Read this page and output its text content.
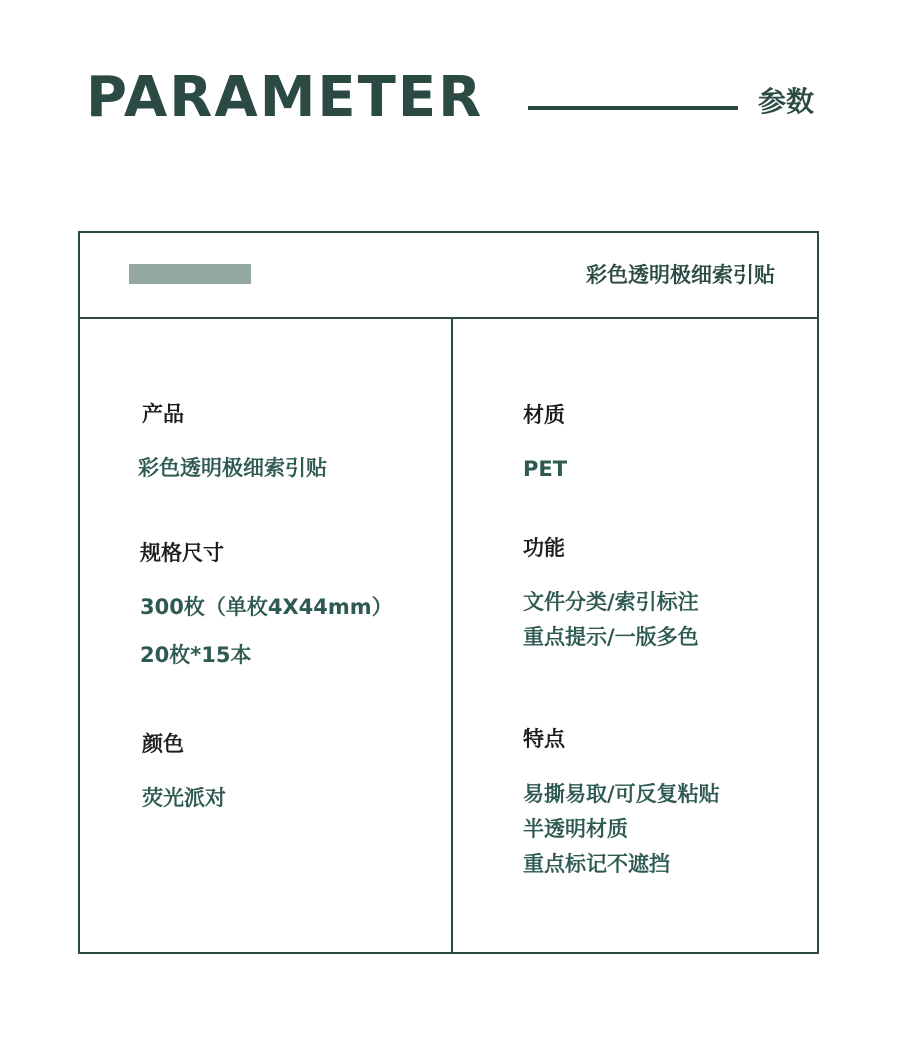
PARAMETER	参数
彩色透明极细索引贴
产品
彩色透明极细索引贴
规格尺寸
300枚（单枚4X44mm）
20枚*15本
颜色
荧光派对
材质
PET
功能
文件分类/索引标注
重点提示/一版多色
特点
易撕易取/可反复粘贴
半透明材质
重点标记不遮挡
